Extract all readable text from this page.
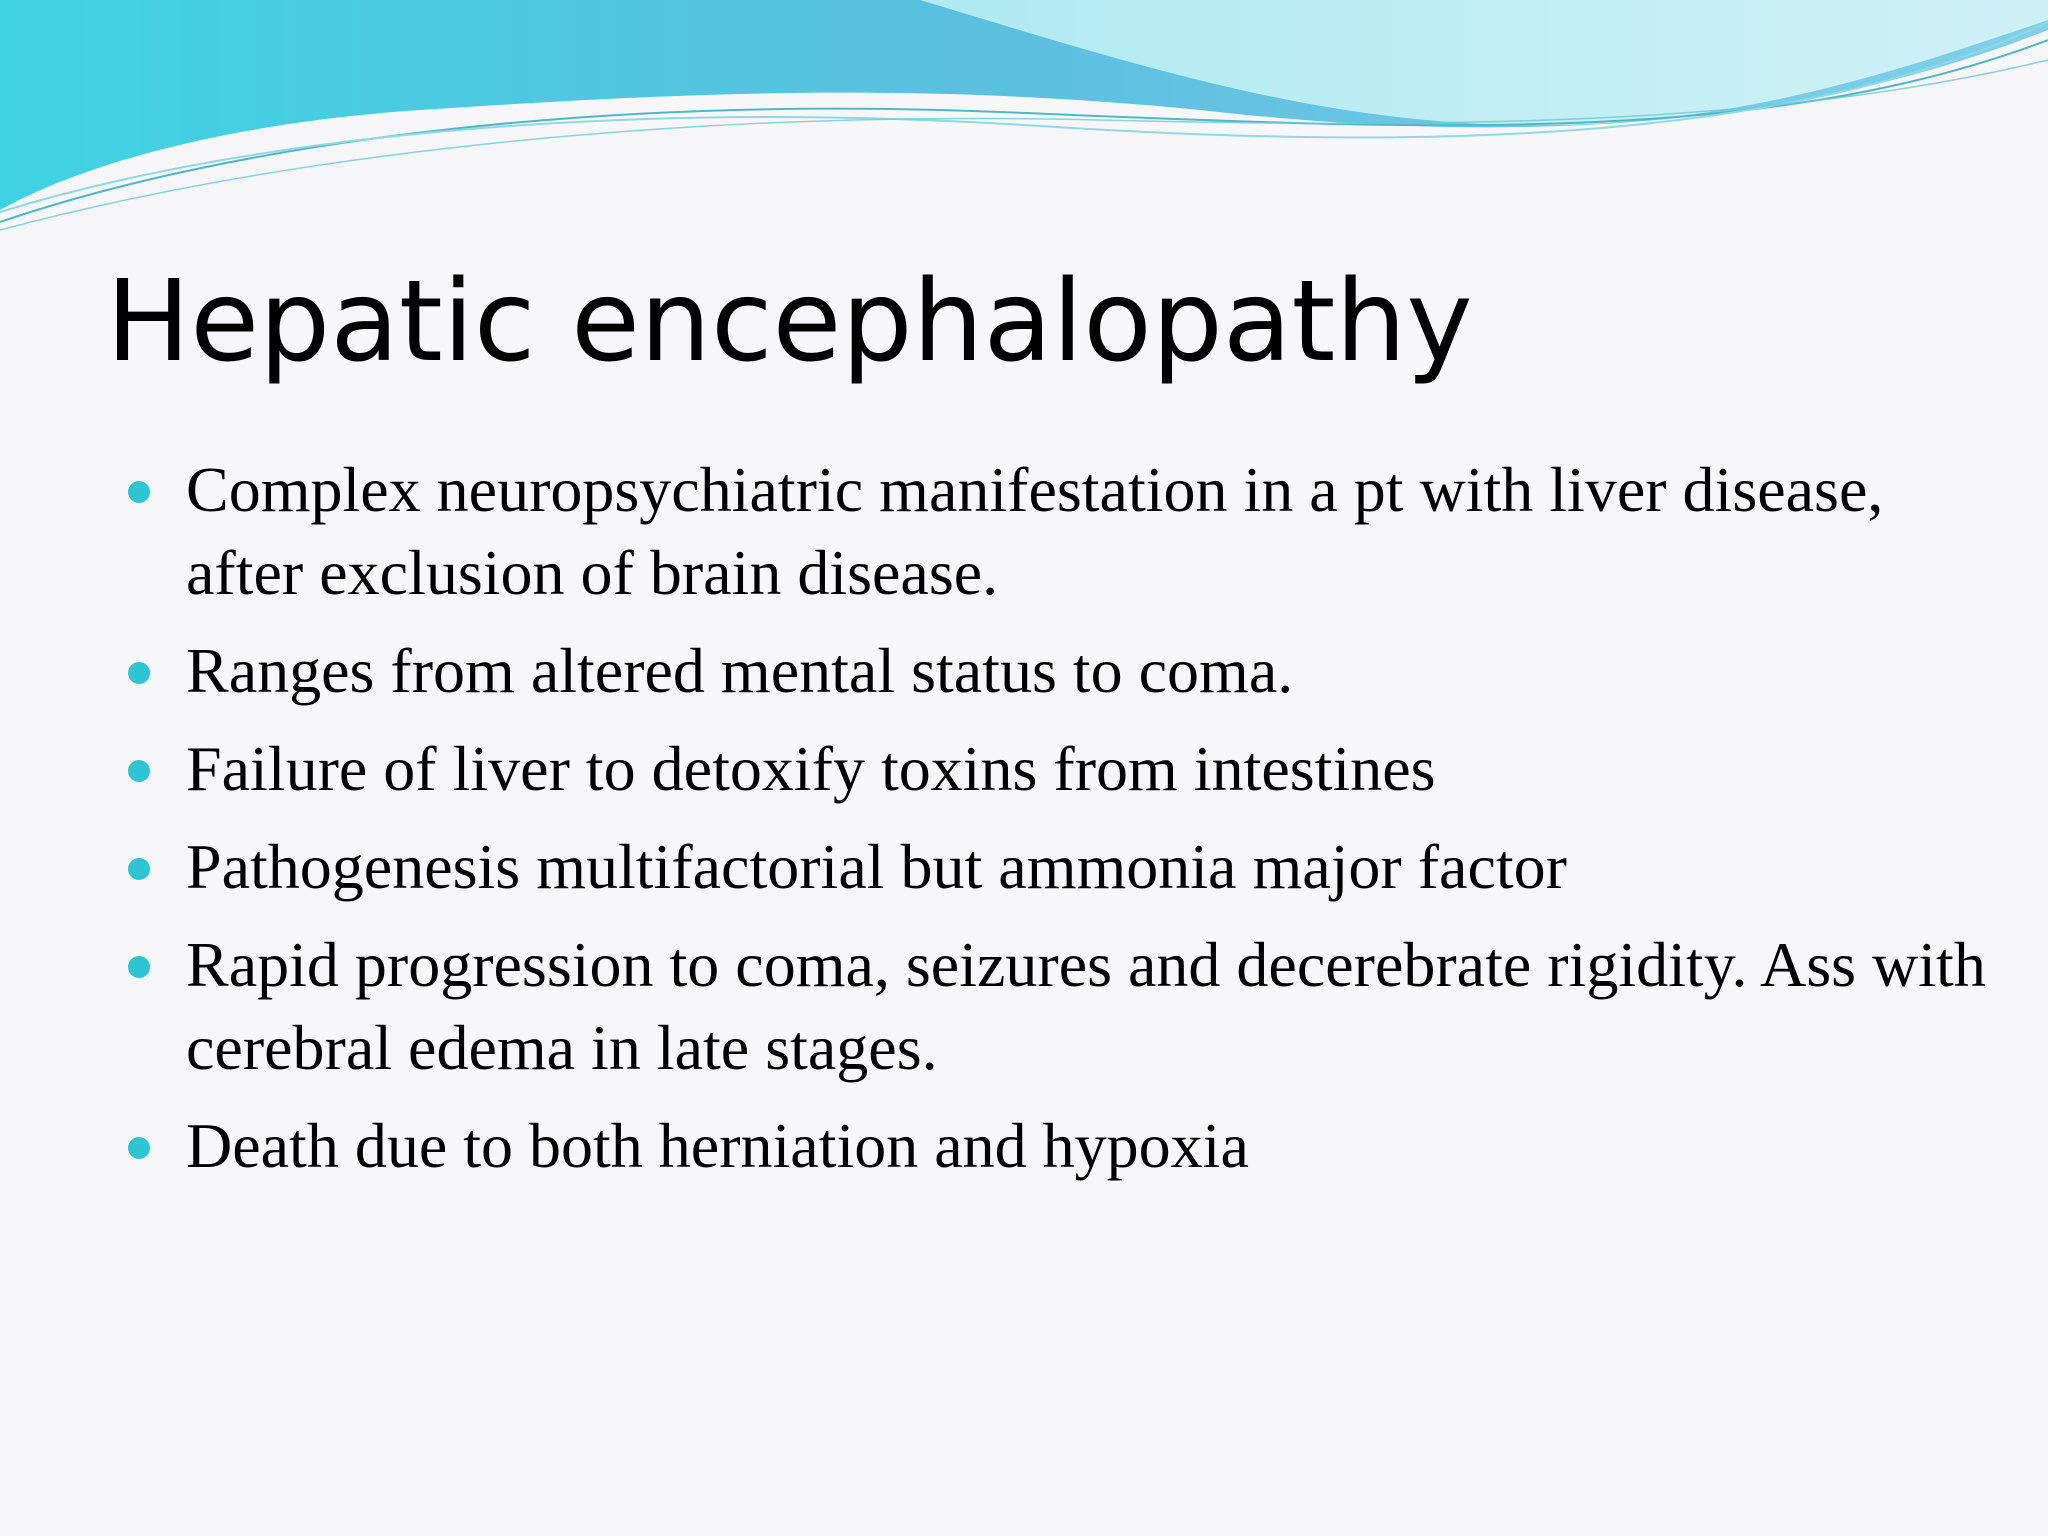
Hepatic encephalopathy
Complex neuropsychiatric manifestation in a pt with liver disease, after exclusion of brain disease.
Ranges from altered mental status to coma.
Failure of liver to detoxify toxins from intestines
Pathogenesis multifactorial but ammonia major factor
Rapid progression to coma, seizures and decerebrate rigidity. Ass with cerebral edema in late stages.
Death due to both herniation and hypoxia
